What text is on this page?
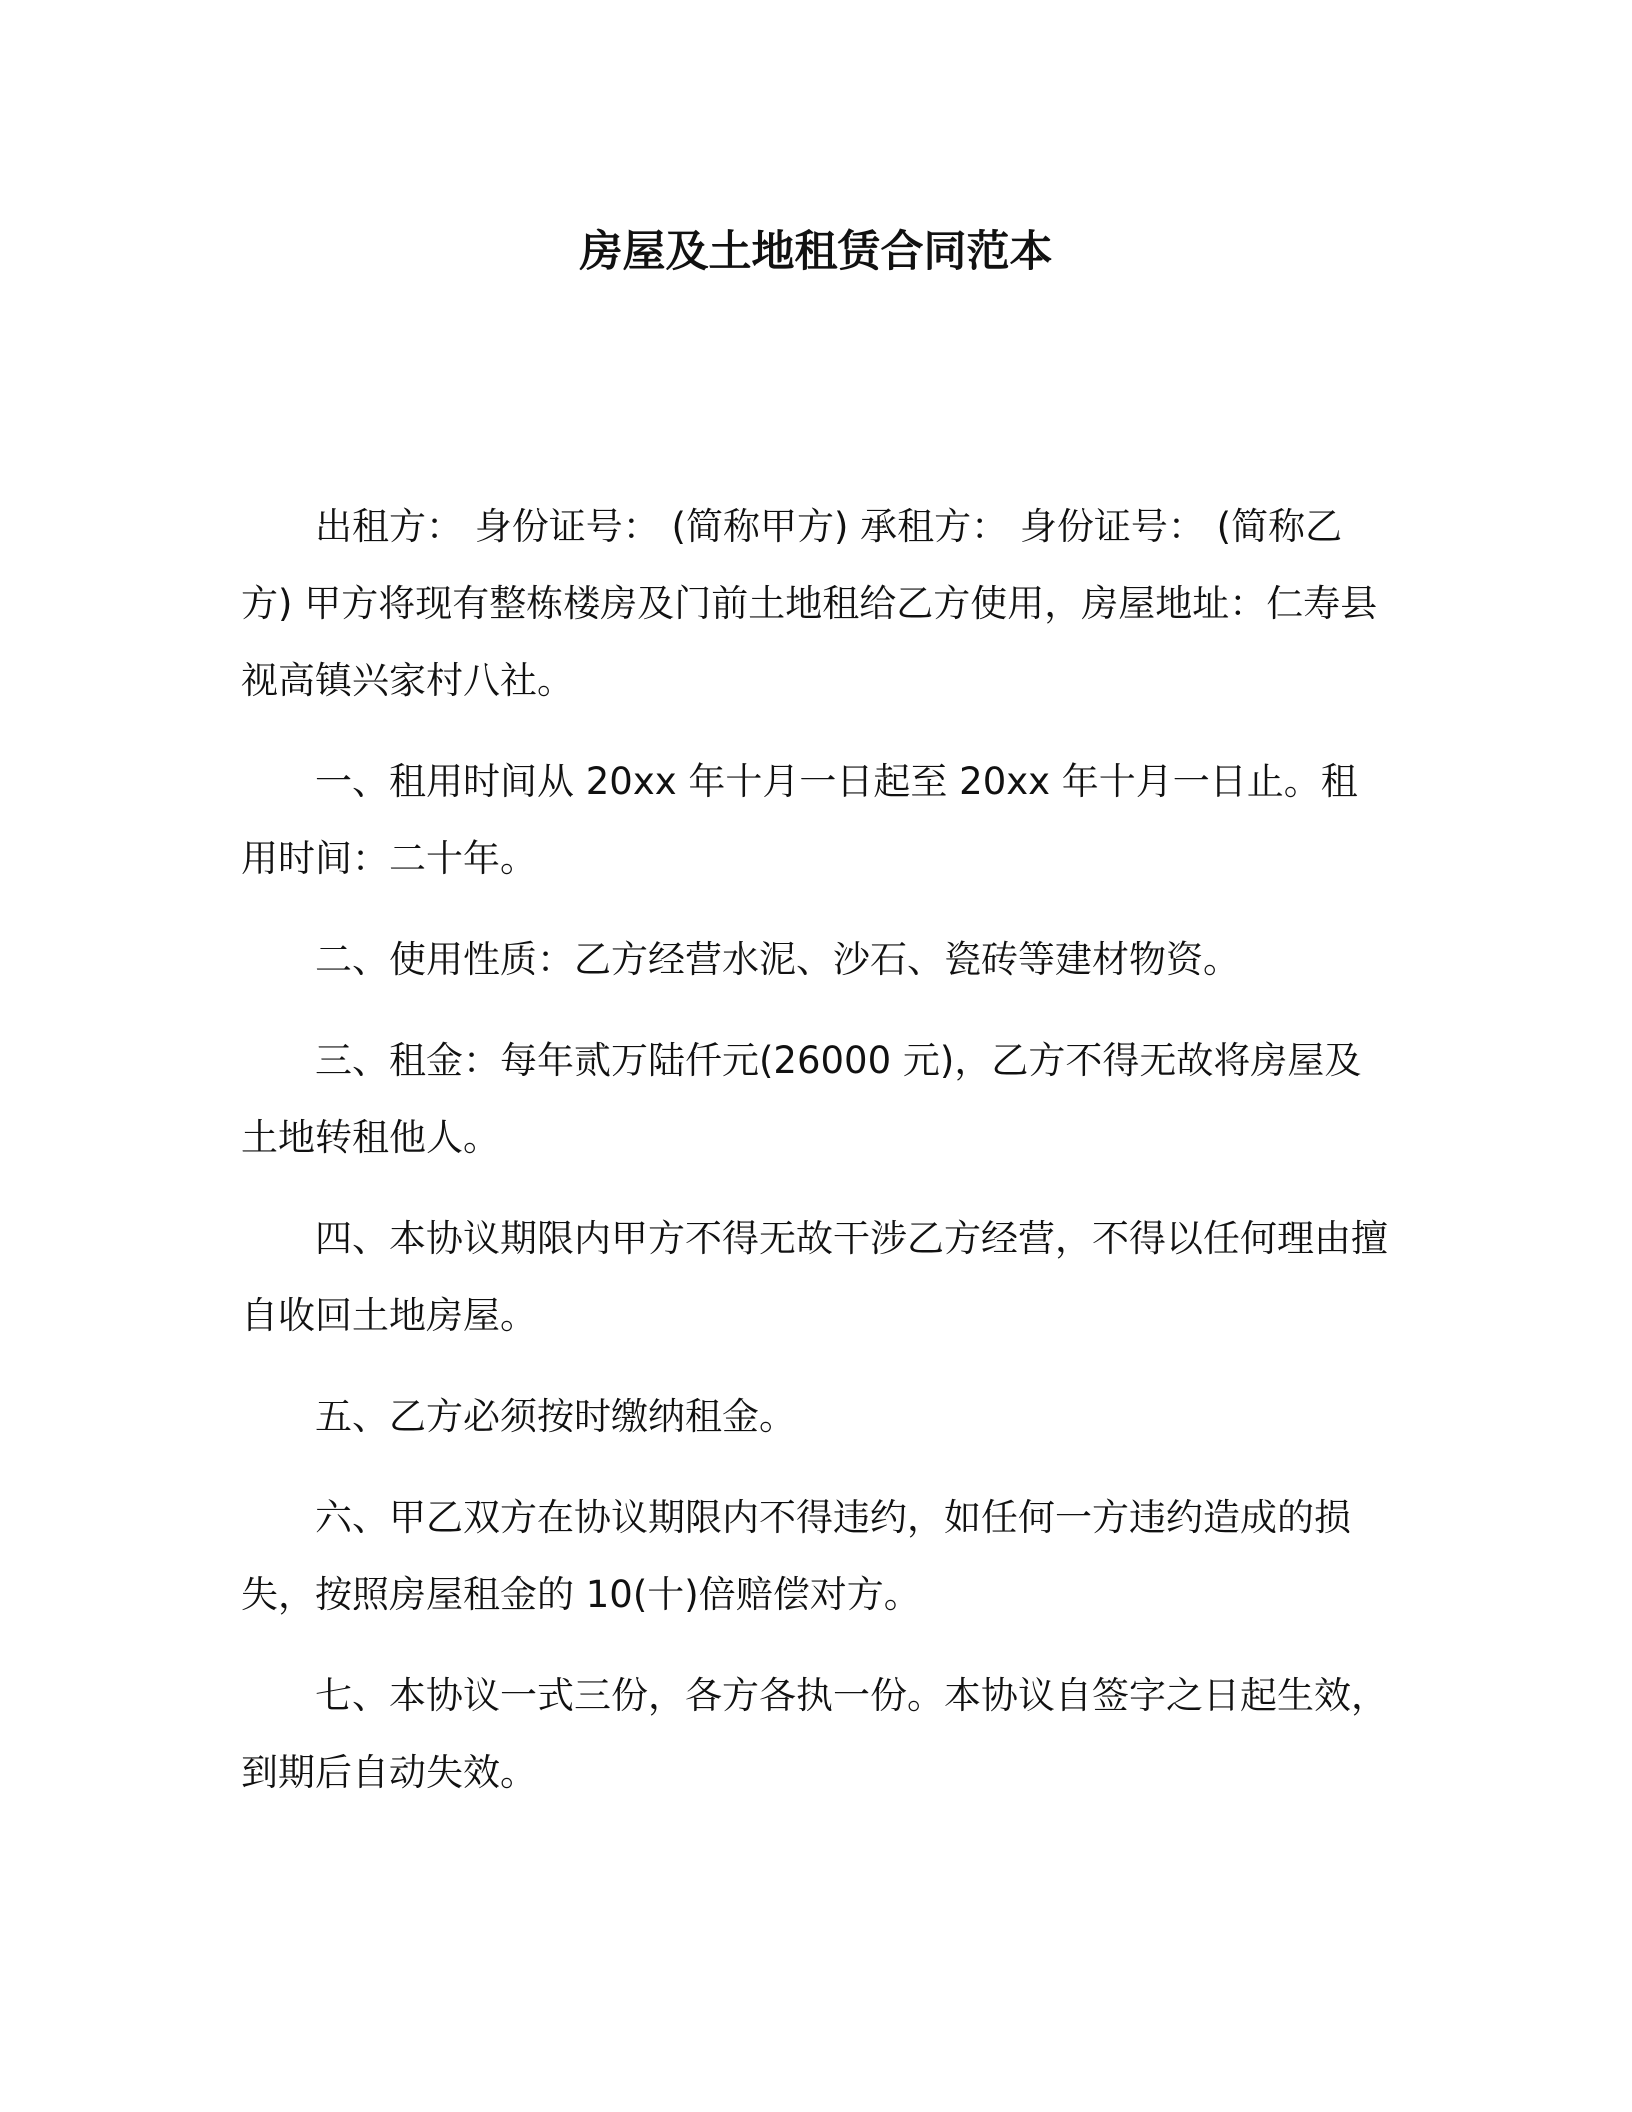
房屋及土地租赁合同范本

出租方： 身份证号： (简称甲方) 承租方： 身份证号： (简称乙方) 甲方将现有整栋楼房及门前土地租给乙方使用，房屋地址：仁寿县视高镇兴家村八社。

一、租用时间从 20xx 年十月一日起至 20xx 年十月一日止。租用时间：二十年。

二、使用性质：乙方经营水泥、沙石、瓷砖等建材物资。

三、租金：每年贰万陆仟元(26000 元)，乙方不得无故将房屋及土地转租他人。

四、本协议期限内甲方不得无故干涉乙方经营，不得以任何理由擅自收回土地房屋。

五、乙方必须按时缴纳租金。

六、甲乙双方在协议期限内不得违约，如任何一方违约造成的损失，按照房屋租金的 10(十)倍赔偿对方。

七、本协议一式三份，各方各执一份。本协议自签字之日起生效，到期后自动失效。
